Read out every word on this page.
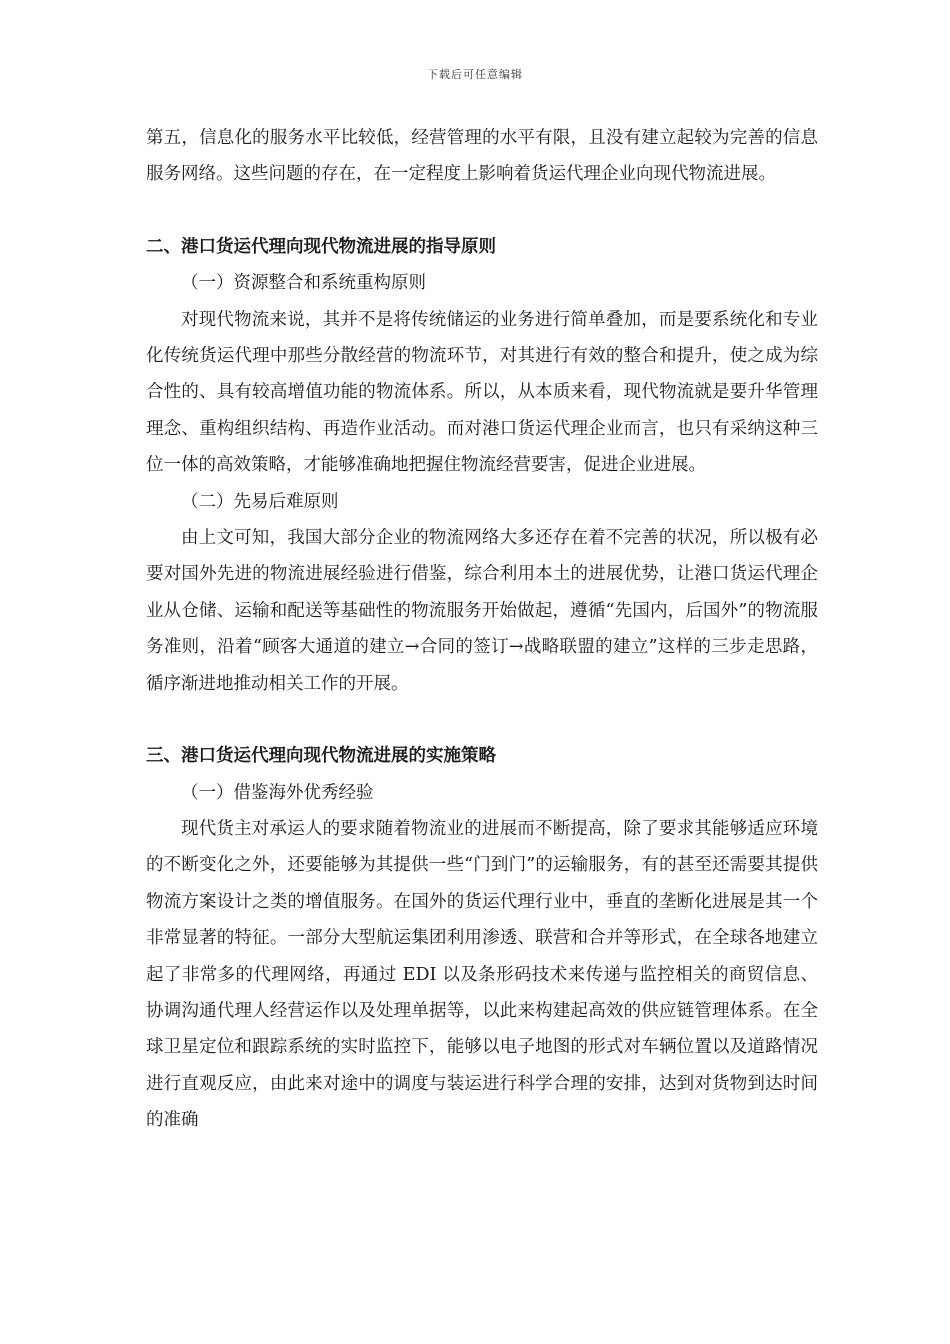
下载后可任意编辑

第五，信息化的服务水平比较低，经营管理的水平有限，且没有建立起较为完善的信息服务网络。这些问题的存在，在一定程度上影响着货运代理企业向现代物流进展。

二、港口货运代理向现代物流进展的指导原则

（一）资源整合和系统重构原则

对现代物流来说，其并不是将传统储运的业务进行简单叠加，而是要系统化和专业化传统货运代理中那些分散经营的物流环节，对其进行有效的整合和提升，使之成为综合性的、具有较高增值功能的物流体系。所以，从本质来看，现代物流就是要升华管理理念、重构组织结构、再造作业活动。而对港口货运代理企业而言，也只有采纳这种三位一体的高效策略，才能够准确地把握住物流经营要害，促进企业进展。

（二）先易后难原则

由上文可知，我国大部分企业的物流网络大多还存在着不完善的状况，所以极有必要对国外先进的物流进展经验进行借鉴，综合利用本土的进展优势，让港口货运代理企业从仓储、运输和配送等基础性的物流服务开始做起，遵循“先国内，后国外”的物流服务准则，沿着“顾客大通道的建立→合同的签订→战略联盟的建立”这样的三步走思路，循序渐进地推动相关工作的开展。

三、港口货运代理向现代物流进展的实施策略

（一）借鉴海外优秀经验

现代货主对承运人的要求随着物流业的进展而不断提高，除了要求其能够适应环境的不断变化之外，还要能够为其提供一些“门到门”的运输服务，有的甚至还需要其提供物流方案设计之类的增值服务。在国外的货运代理行业中，垂直的垄断化进展是其一个非常显著的特征。一部分大型航运集团利用渗透、联营和合并等形式，在全球各地建立起了非常多的代理网络，再通过 EDI 以及条形码技术来传递与监控相关的商贸信息、协调沟通代理人经营运作以及处理单据等，以此来构建起高效的供应链管理体系。在全球卫星定位和跟踪系统的实时监控下，能够以电子地图的形式对车辆位置以及道路情况进行直观反应，由此来对途中的调度与装运进行科学合理的安排，达到对货物到达时间的准确
